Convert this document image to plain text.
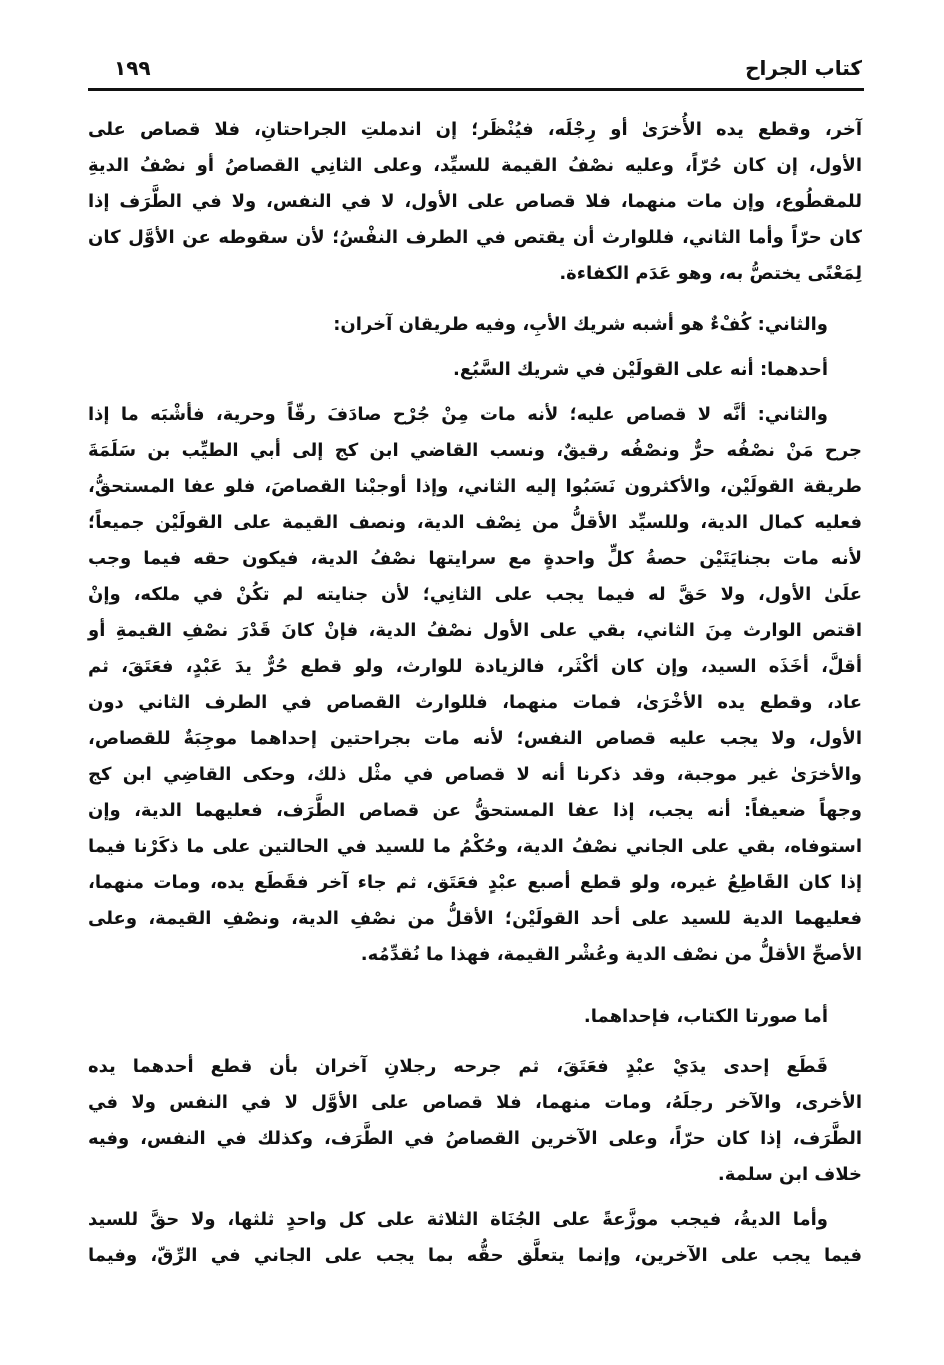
كتاب الجراح
١٩٩
آخر، وقطع يده الأُخرَىٰ أو رِجْلَه، فيُنْظَر؛ إن اندملتِ الجراحتانِ، فلا قصاص على
الأول، إن كان حُرّاً، وعليه نصْفُ القيمة للسيِّد، وعلى الثانِي القصاصُ أو نصْفُ الديةِ
للمقطُوع، وإن مات منهما، فلا قصاص على الأول، لا في النفس، ولا في الطَّرَف إذا
كان حرّاً وأما الثاني، فللوارث أن يقتص في الطرف النفْسُ؛ لأن سقوطه عن الأوَّل كان
لِمَعْنًى يختصُّ به، وهو عَدَم الكفاءة.
والثاني: كُفْءٌ هو أشبه شريك الأبِ، وفيه طريقان آخران:
أحدهما: أنه على القولَيْن في شريك السَّبُع.
والثاني: أنَّه لا قصاص عليه؛ لأنه مات مِنْ جُرْح صادَفَ رقّاً وحرية، فأشْبَه ما إذا
جرح مَنْ نصْفُه حرٌّ ونصْفُه رقيقٌ، ونسب القاضي ابن كج إلى أبي الطيِّب بن سَلَمَةَ
طريقة القولَيْن، والأكثرون نَسَبُوا إليه الثاني، وإذا أوجبْنا القصاصَ، فلو عفا المستحقُّ،
فعليه كمال الدية، وللسيِّد الأقلُّ من نِصْف الدية، ونصف القيمة على القولَيْن جميعاً؛
لأنه مات بجنايَتَيْن حصةُ كلٍّ واحدةٍ مع سرايتها نصْفُ الدية، فيكون حقه فيما وجب
علَىٰ الأول، ولا حَقَّ له فيما يجب على الثانِي؛ لأن جنايته لم تكُنْ في ملكه، وإنْ
اقتص الوارث مِنَ الثاني، بقي على الأول نصْفُ الدية، فإنْ كانَ قَدْرَ نصْفِ القيمةِ أو
أقلَّ، أخَذَه السيد، وإن كان أكْثَر، فالزيادة للوارث، ولو قطع حُرٌّ يدَ عَبْدٍ، فعَتَقَ، ثم
عاد، وقطع يده الأخْرَىٰ، فمات منهما، فللوارث القصاص في الطرف الثاني دون
الأول، ولا يجب عليه قصاص النفس؛ لأنه مات بجراحتين إحداهما موجِبَةٌ للقصاص،
والأخرَىٰ غير موجبة، وقد ذكرنا أنه لا قصاص في مثْل ذلك، وحكى القاضِي ابن كج
وجهاً ضعيفاً: أنه يجب، إذا عفا المستحقُّ عن قصاص الطَّرَف، فعليهما الدية، وإن
استوفاه، بقي على الجاني نصْفُ الدية، وحُكْمُ ما للسيد في الحالتين على ما ذكَرْنا فيما
إذا كان القَاطِعُ غيره، ولو قطع أصبع عبْدٍ فعَتَق، ثم جاء آخر فقَطَع يده، ومات منهما،
فعليهما الدية للسيد على أحد القولَيْن؛ الأقلُّ من نصْفِ الدية، ونصْفِ القيمة، وعلى
الأصحِّ الأقلُّ من نصْف الدية وعُشْر القيمة، فهذا ما نُقدِّمُه.
أما صورتا الكتاب، فإحداهما.
قَطَع إحدى يدَيْ عبْدٍ فعَتَقَ، ثم جرحه رجلانِ آخران بأن قطع أحدهما يده
الأخرى، والآخر رجلَهُ، ومات منهما، فلا قصاص على الأوَّل لا في النفس ولا في
الطَّرَف، إذا كان حرّاً، وعلى الآخرين القصاصُ في الطَّرَف، وكذلك في النفس، وفيه
خلاف ابن سلمة.
وأما الديةُ، فيجب موزَّعةً على الجُنَاة الثلاثة على كل واحدٍ ثلثها، ولا حقَّ للسيد
فيما يجب على الآخرين، وإنما يتعلَّق حقُّه بما يجب على الجاني في الرِّقّ، وفيما
